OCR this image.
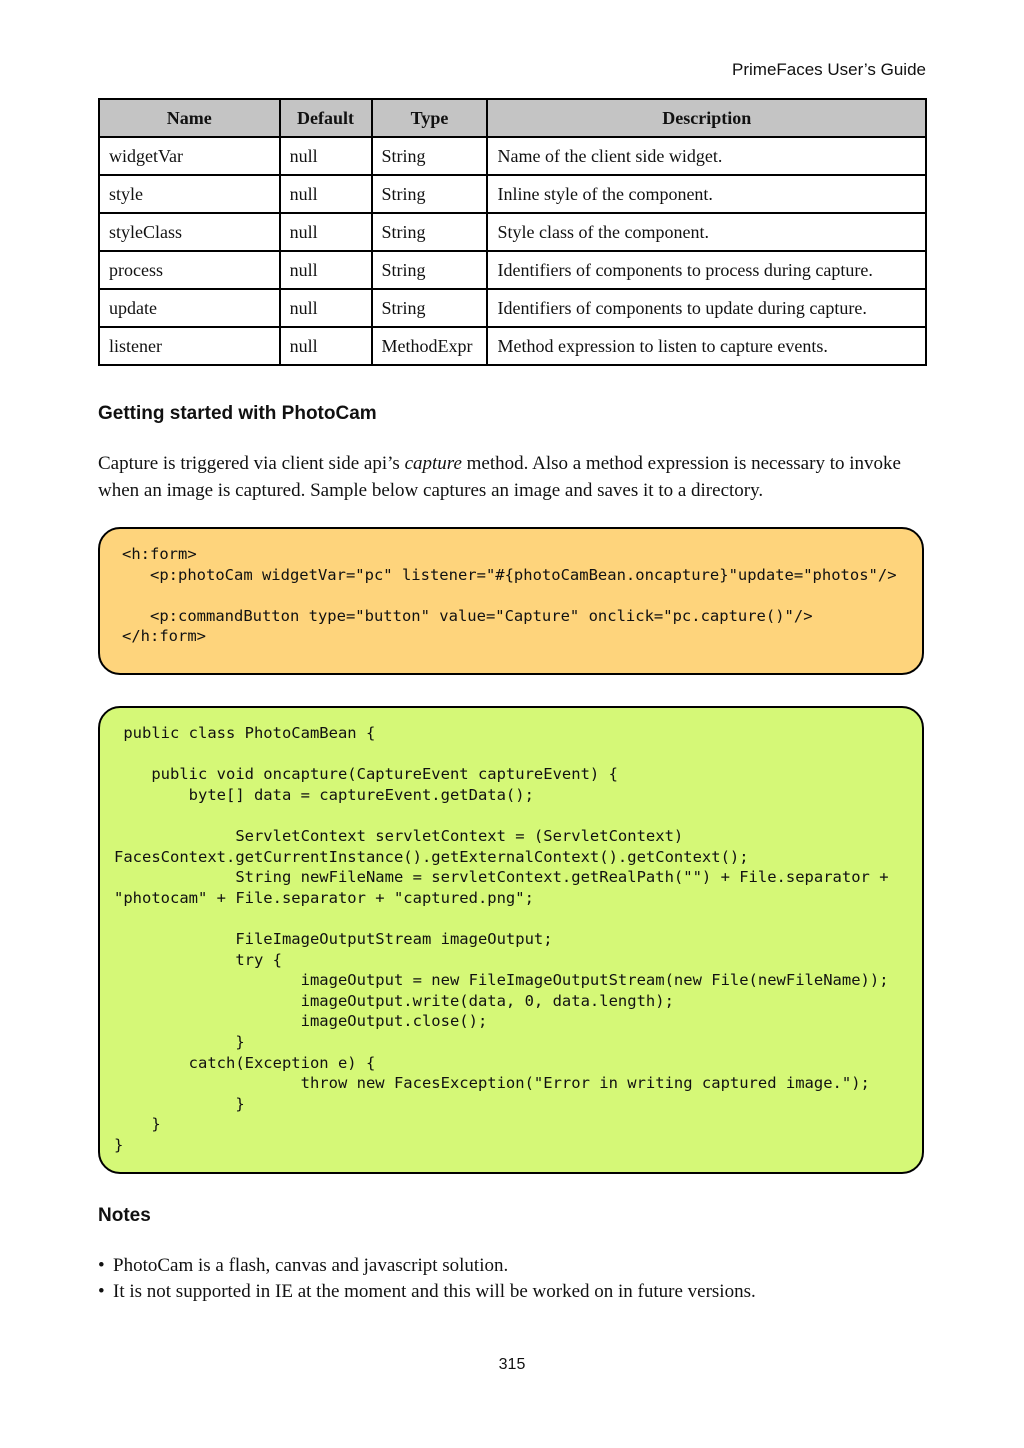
PrimeFaces User’s Guide
Name	Default	Type	Description
widgetVar	null	String	Name of the client side widget.
style	null	String	Inline style of the component.
styleClass	null	String	Style class of the component.
process	null	String	Identifiers of components to process during capture.
update	null	String	Identifiers of components to update during capture.
listener	null	MethodExpr	Method expression to listen to capture events.
Getting started with PhotoCam

Capture is triggered via client side api’s capture method. Also a method expression is necessary to invoke when an image is captured. Sample below captures an image and saves it to a directory.

<h:form>
<p:photoCam widgetVar="pc" listener="#{photoCamBean.oncapture}"update="photos"/>

<p:commandButton type="button" value="Capture" onclick="pc.capture()"/>
</h:form>
public class PhotoCamBean {

public void oncapture(CaptureEvent captureEvent) {
byte[] data = captureEvent.getData();

ServletContext servletContext = (ServletContext)
FacesContext.getCurrentInstance().getExternalContext().getContext();
String newFileName = servletContext.getRealPath("") + File.separator +
"photocam" + File.separator + "captured.png";

FileImageOutputStream imageOutput;
try {
imageOutput = new FileImageOutputStream(new File(newFileName));
imageOutput.write(data, 0, data.length);
imageOutput.close();
}
catch(Exception e) {
throw new FacesException("Error in writing captured image.");
}
}
}
Notes
• PhotoCam is a flash, canvas and javascript solution.
• It is not supported in IE at the moment and this will be worked on in future versions.
315
